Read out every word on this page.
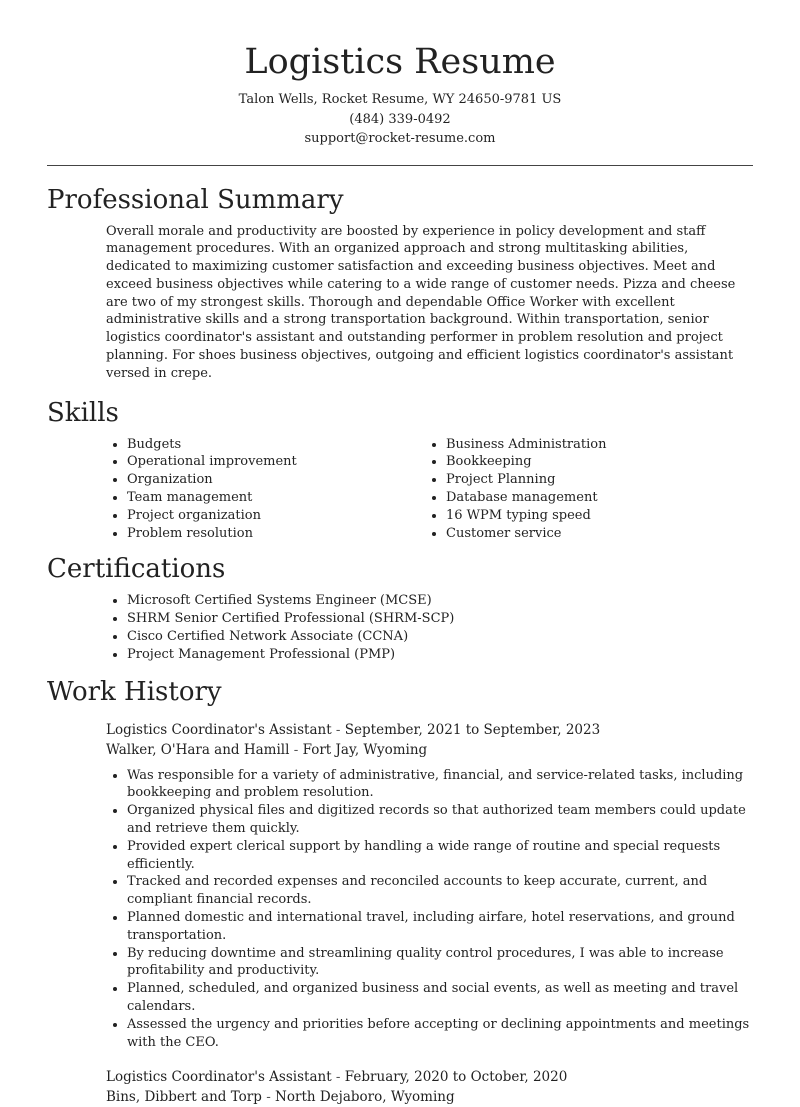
Logistics Resume
Talon Wells, Rocket Resume, WY 24650-9781 US
(484) 339-0492
support@rocket-resume.com
Professional Summary

Overall morale and productivity are boosted by experience in policy development and staff management procedures. With an organized approach and strong multitasking abilities, dedicated to maximizing customer satisfaction and exceeding business objectives. Meet and exceed business objectives while catering to a wide range of customer needs. Pizza and cheese are two of my strongest skills. Thorough and dependable Office Worker with excellent administrative skills and a strong transportation background. Within transportation, senior logistics coordinator's assistant and outstanding performer in problem resolution and project planning. For shoes business objectives, outgoing and efficient logistics coordinator's assistant versed in crepe.

Skills
• Budgets
• Operational improvement
• Organization
• Team management
• Project organization
• Problem resolution
• Business Administration
• Bookkeeping
• Project Planning
• Database management
• 16 WPM typing speed
• Customer service
Certifications
• Microsoft Certified Systems Engineer (MCSE)
• SHRM Senior Certified Professional (SHRM-SCP)
• Cisco Certified Network Associate (CCNA)
• Project Management Professional (PMP)
Work History
Logistics Coordinator's Assistant - September, 2021 to September, 2023
Walker, O'Hara and Hamill - Fort Jay, Wyoming
• Was responsible for a variety of administrative, financial, and service-related tasks, including bookkeeping and problem resolution.
• Organized physical files and digitized records so that authorized team members could update and retrieve them quickly.
• Provided expert clerical support by handling a wide range of routine and special requests efficiently.
• Tracked and recorded expenses and reconciled accounts to keep accurate, current, and compliant financial records.
• Planned domestic and international travel, including airfare, hotel reservations, and ground transportation.
• By reducing downtime and streamlining quality control procedures, I was able to increase profitability and productivity.
• Planned, scheduled, and organized business and social events, as well as meeting and travel calendars.
• Assessed the urgency and priorities before accepting or declining appointments and meetings with the CEO.
Logistics Coordinator's Assistant - February, 2020 to October, 2020
Bins, Dibbert and Torp - North Dejaboro, Wyoming
